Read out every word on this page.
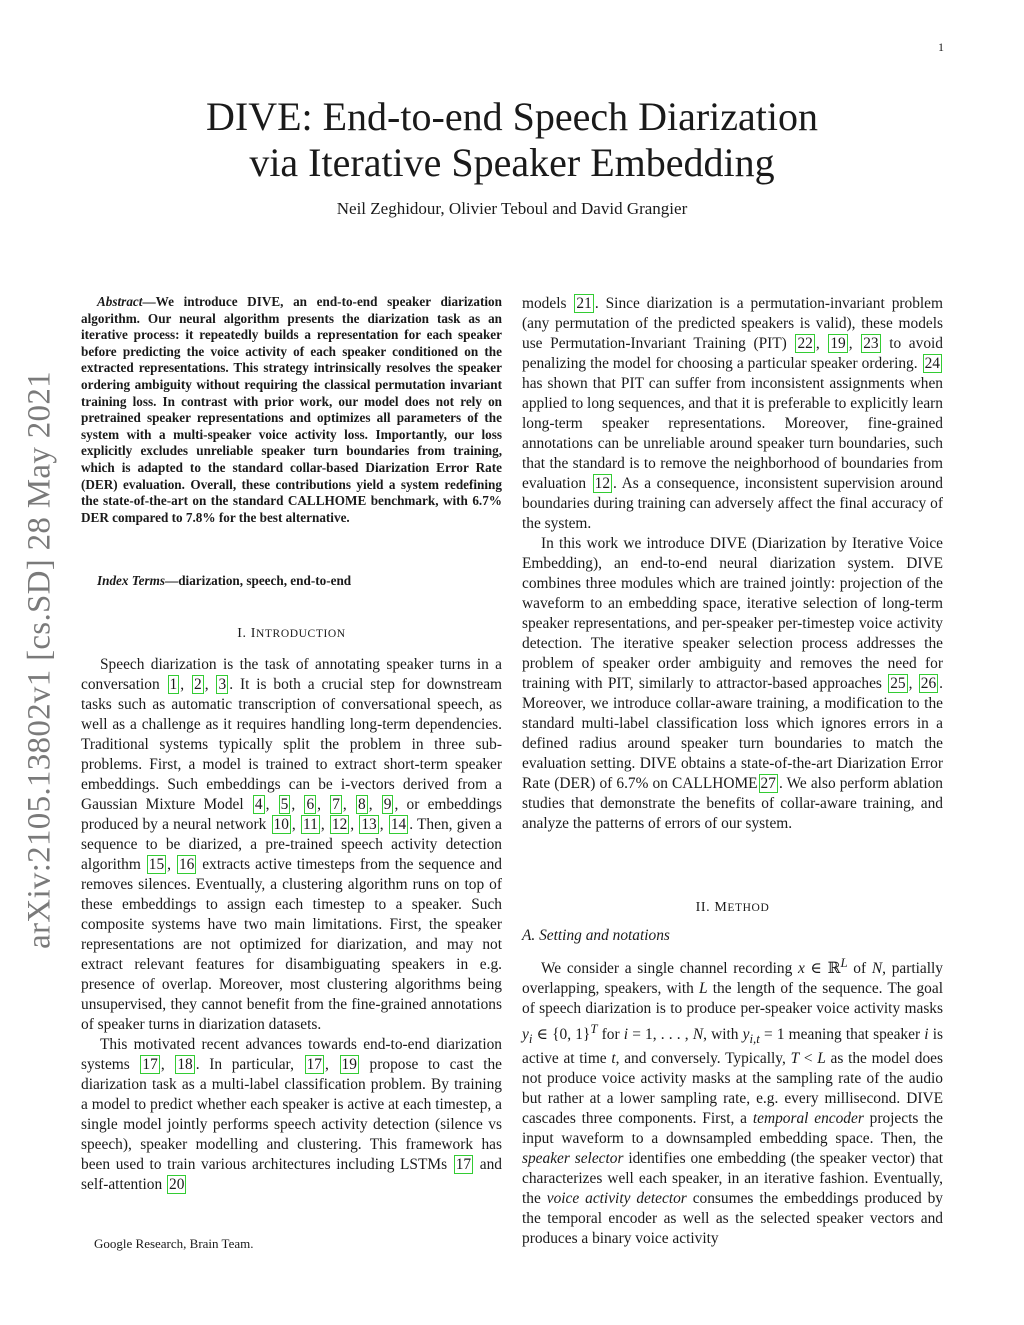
1
DIVE: End-to-end Speech Diarization
via Iterative Speaker Embedding
Neil Zeghidour, Olivier Teboul and David Grangier
arXiv:2105.13802v1 [cs.SD] 28 May 2021

Abstract—We introduce DIVE, an end-to-end speaker diarization algorithm. Our neural algorithm presents the diarization task as an iterative process: it repeatedly builds a representation for each speaker before predicting the voice activity of each speaker conditioned on the extracted representations. This strategy intrinsically resolves the speaker ordering ambiguity without requiring the classical permutation invariant training loss. In contrast with prior work, our model does not rely on pretrained speaker representations and optimizes all parameters of the system with a multi-speaker voice activity loss. Importantly, our loss explicitly excludes unreliable speaker turn boundaries from training, which is adapted to the standard collar-based Diarization Error Rate (DER) evaluation. Overall, these contributions yield a system redefining the state-of-the-art on the standard CALLHOME benchmark, with 6.7% DER compared to 7.8% for the best alternative.

Index Terms—diarization, speech, end-to-end
I. INTRODUCTION

Speech diarization is the task of annotating speaker turns in a conversation 1 , 2 , 3 . It is both a crucial step for downstream tasks such as automatic transcription of conversational speech, as well as a challenge as it requires handling long-term dependencies. Traditional systems typically split the problem in three sub-problems. First, a model is trained to extract short-term speaker embeddings. Such embeddings can be i-vectors derived from a Gaussian Mixture Model 4 , 5 , 6 , 7 , 8 , 9 , or embeddings produced by a neural network 10 , 11 , 12 , 13 , 14 . Then, given a sequence to be diarized, a pre-trained speech activity detection algorithm 15 , 16 extracts active timesteps from the sequence and removes silences. Eventually, a clustering algorithm runs on top of these embeddings to assign each timestep to a speaker. Such composite systems have two main limitations. First, the speaker representations are not optimized for diarization, and may not extract relevant features for disambiguating speakers in e.g. presence of overlap. Moreover, most clustering algorithms being unsupervised, they cannot benefit from the fine-grained annotations of speaker turns in diarization datasets.

This motivated recent advances towards end-to-end diarization systems 17 , 18 . In particular, 17 , 19 propose to cast the diarization task as a multi-label classification problem. By training a model to predict whether each speaker is active at each timestep, a single model jointly performs speech activity detection (silence vs speech), speaker modelling and clustering. This framework has been used to train various architectures including LSTMs 17 and self-attention 20

Google Research, Brain Team.

models 21 . Since diarization is a permutation-invariant problem (any permutation of the predicted speakers is valid), these models use Permutation-Invariant Training (PIT) 22 , 19 , 23 to avoid penalizing the model for choosing a particular speaker ordering. 24 has shown that PIT can suffer from inconsistent assignments when applied to long sequences, and that it is preferable to explicitly learn long-term speaker representations. Moreover, fine-grained annotations can be unreliable around speaker turn boundaries, such that the standard is to remove the neighborhood of boundaries from evaluation 12 . As a consequence, inconsistent supervision around boundaries during training can adversely affect the final accuracy of the system.

In this work we introduce DIVE (Diarization by Iterative Voice Embedding), an end-to-end neural diarization system. DIVE combines three modules which are trained jointly: projection of the waveform to an embedding space, iterative selection of long-term speaker representations, and per-speaker per-timestep voice activity detection. The iterative speaker selection process addresses the problem of speaker order ambiguity and removes the need for training with PIT, similarly to attractor-based approaches 25 , 26 . Moreover, we introduce collar-aware training, a modification to the standard multi-label classification loss which ignores errors in a defined radius around speaker turn boundaries to match the evaluation setting. DIVE obtains a state-of-the-art Diarization Error Rate (DER) of 6.7% on CALLHOME 27 . We also perform ablation studies that demonstrate the benefits of collar-aware training, and analyze the patterns of errors of our system.

II. METHOD
A. Setting and notations

We consider a single channel recording x ∈ ℝ$^L$ of N, partially overlapping, speakers, with L the length of the sequence. The goal of speech diarization is to produce per-speaker voice activity masks $y_i$ ∈ {0, 1}$^T$ for i = 1, . . . , N, with $y_{i,t} = 1$ meaning that speaker i is active at time t, and conversely. Typically, T < L as the model does not produce voice activity masks at the sampling rate of the audio but rather at a lower sampling rate, e.g. every millisecond. DIVE cascades three components. First, a temporal encoder projects the input waveform to a downsampled embedding space. Then, the speaker selector identifies one embedding (the speaker vector) that characterizes well each speaker, in an iterative fashion. Eventually, the voice activity detector consumes the embeddings produced by the temporal encoder as well as the selected speaker vectors and produces a binary voice activity
